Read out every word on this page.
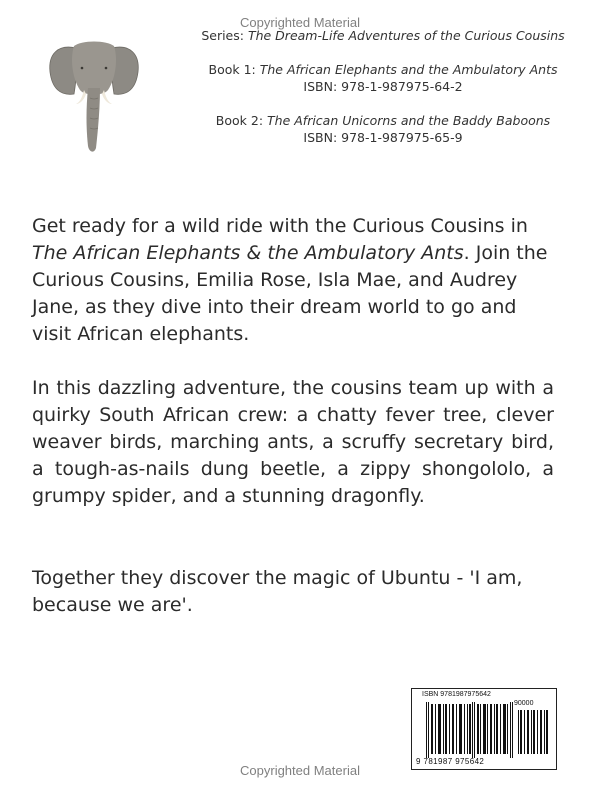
Copyrighted Material
Series: The Dream-Life Adventures of the Curious Cousins
Book 1: The African Elephants and the Ambulatory Ants
ISBN: 978-1-987975-64-2
Book 2: The African Unicorns and the Baddy Baboons
ISBN: 978-1-987975-65-9
Get ready for a wild ride with the Curious Cousins in The African Elephants & the Ambulatory Ants. Join the Curious Cousins, Emilia Rose, Isla Mae, and Audrey Jane, as they dive into their dream world to go and visit African elephants.
In this dazzling adventure, the cousins team up with a quirky South African crew: a chatty fever tree, clever weaver birds, marching ants, a scruffy secretary bird, a tough-as-nails dung beetle, a zippy shongololo, a grumpy spider, and a stunning dragonfly.
Together they discover the magic of Ubuntu - 'I am, because we are'.
ISBN 9781987975642
90000
9 781987 975642
Copyrighted Material
